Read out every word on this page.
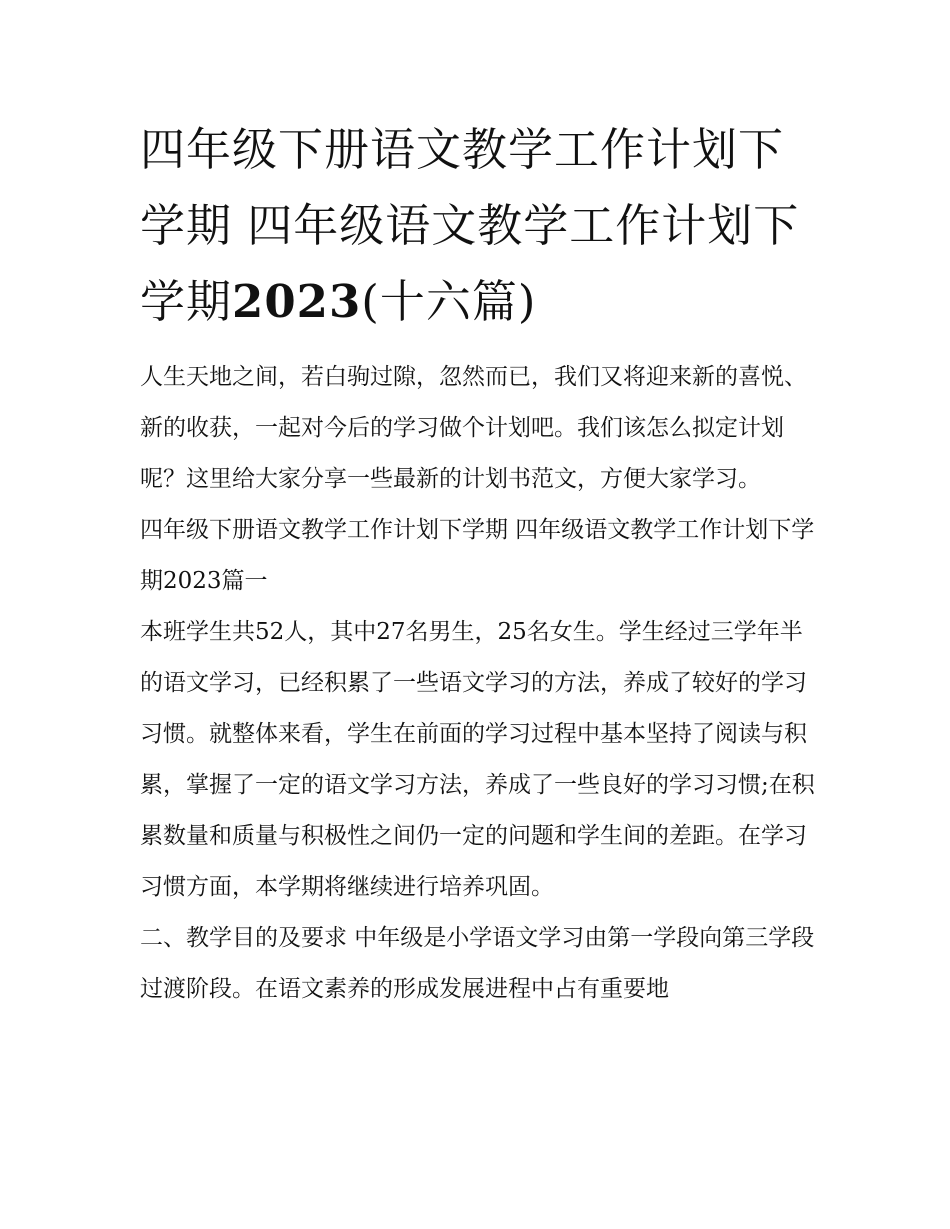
四年级下册语文教学工作计划下学期 四年级语文教学工作计划下学期2023(十六篇)

人生天地之间，若白驹过隙，忽然而已，我们又将迎来新的喜悦、新的收获，一起对今后的学习做个计划吧。我们该怎么拟定计划呢？这里给大家分享一些最新的计划书范文，方便大家学习。

四年级下册语文教学工作计划下学期 四年级语文教学工作计划下学期2023篇一

本班学生共52人，其中27名男生，25名女生。学生经过三学年半的语文学习，已经积累了一些语文学习的方法，养成了较好的学习习惯。就整体来看，学生在前面的学习过程中基本坚持了阅读与积累，掌握了一定的语文学习方法，养成了一些良好的学习习惯;在积累数量和质量与积极性之间仍一定的问题和学生间的差距。在学习习惯方面，本学期将继续进行培养巩固。

二、教学目的及要求 中年级是小学语文学习由第一学段向第三学段过渡阶段。在语文素养的形成发展进程中占有重要地
